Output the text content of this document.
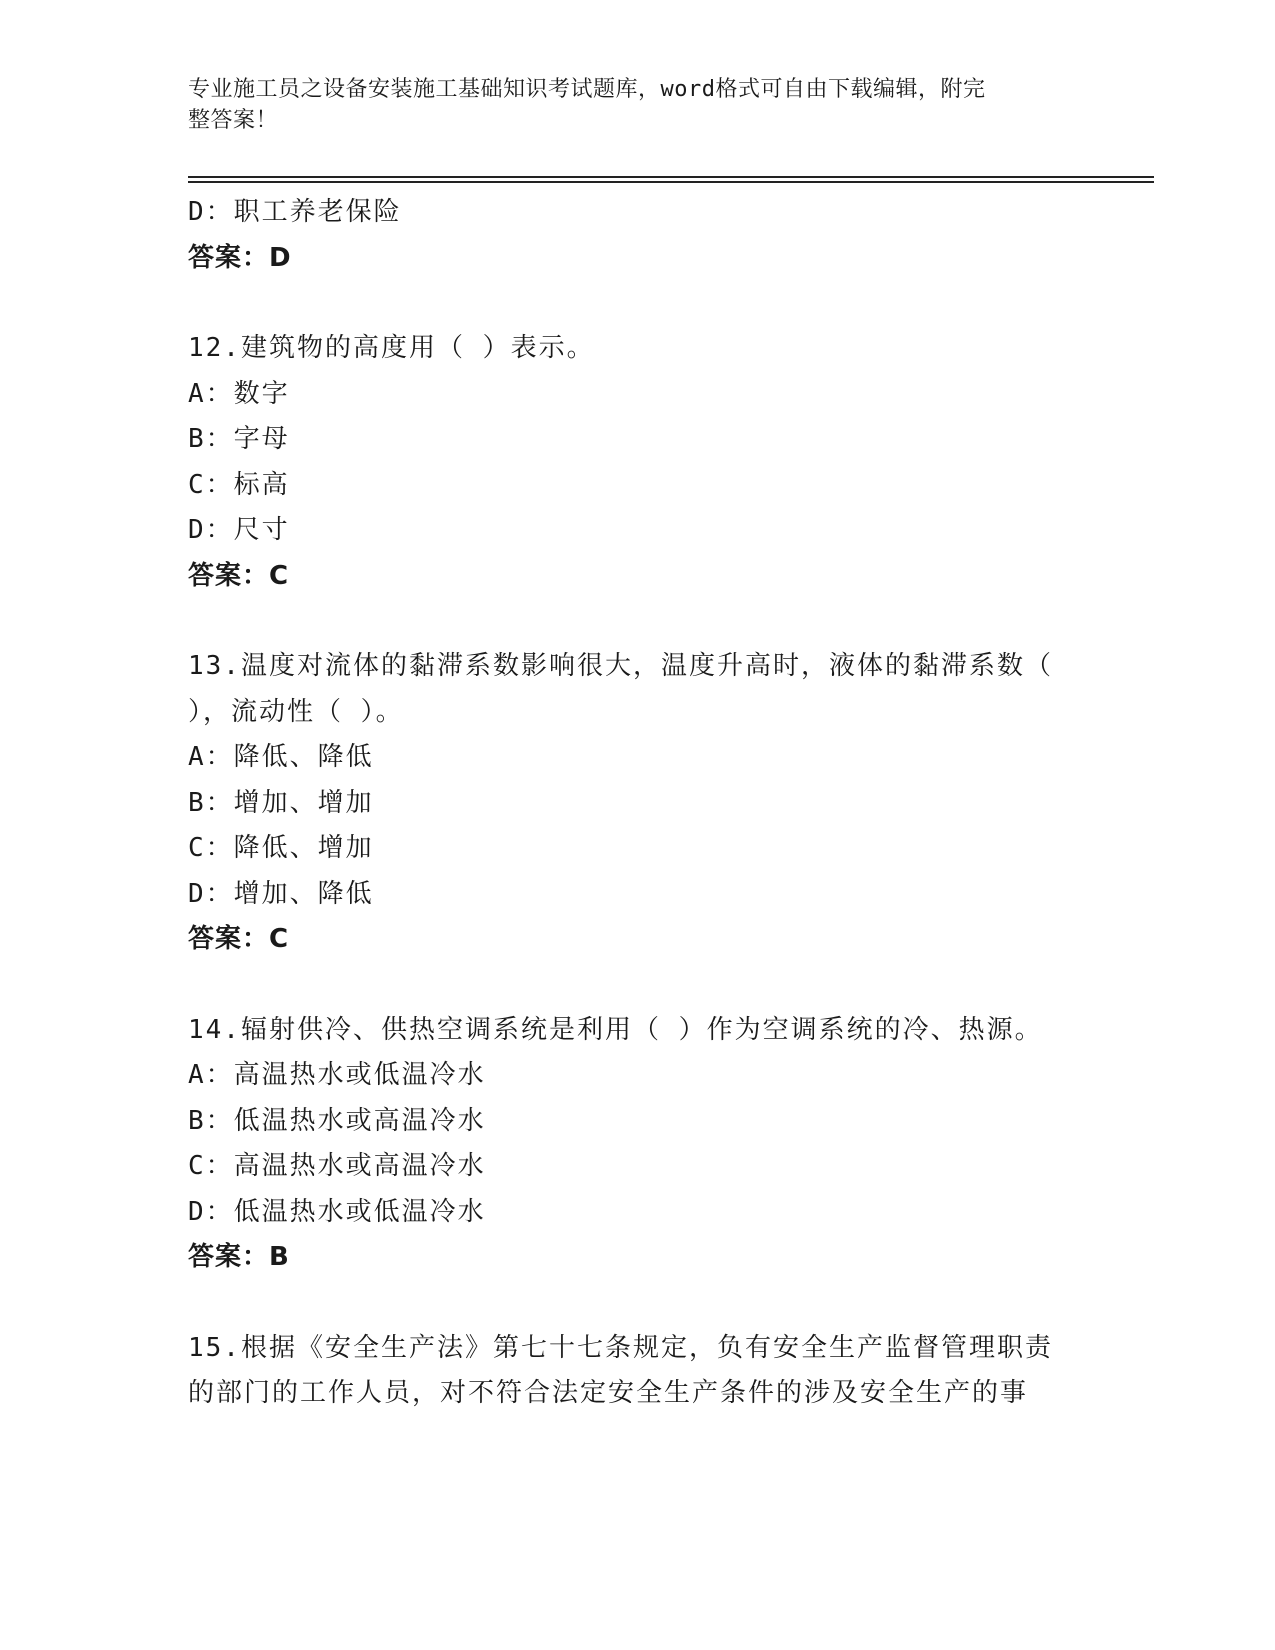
专业施工员之设备安装施工基础知识考试题库，word格式可自由下载编辑，附完
整答案！
D：职工养老保险
答案：D
12.建筑物的高度用（ ）表示。
A：数字
B：字母
C：标高
D：尺寸
答案：C
13.温度对流体的黏滞系数影响很大，温度升高时，液体的黏滞系数（
），流动性（ ）。
A：降低、降低
B：增加、增加
C：降低、增加
D：增加、降低
答案：C
14.辐射供冷、供热空调系统是利用（ ）作为空调系统的冷、热源。
A：高温热水或低温冷水
B：低温热水或高温冷水
C：高温热水或高温冷水
D：低温热水或低温冷水
答案：B
15.根据《安全生产法》第七十七条规定，负有安全生产监督管理职责
的部门的工作人员，对不符合法定安全生产条件的涉及安全生产的事
